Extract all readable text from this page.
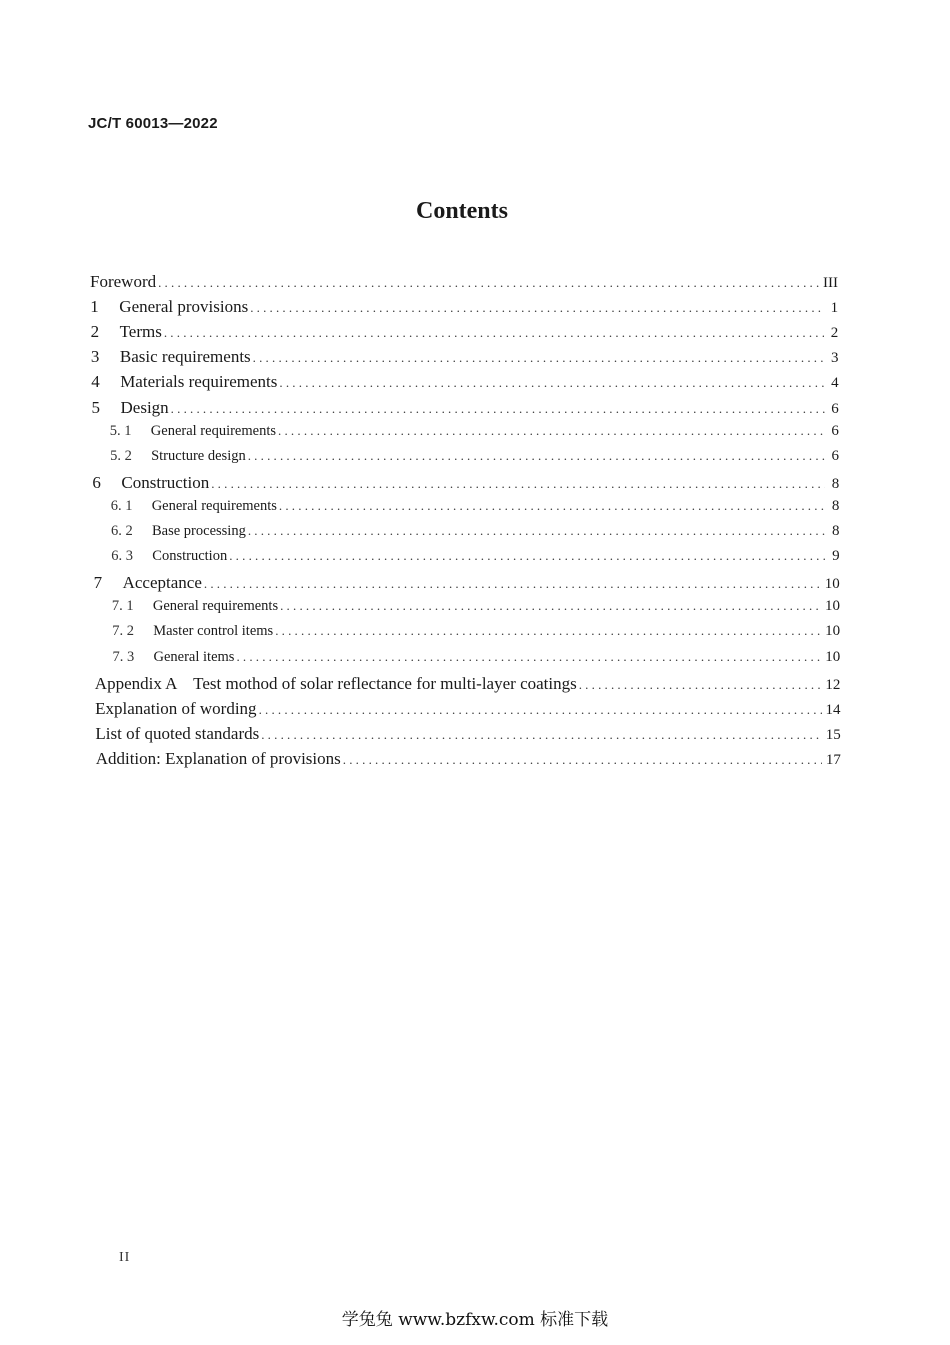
JC/T 60013—2022
Contents
Foreword .....	III
1	General provisions .....	1
2	Terms .....	2
3	Basic requirements .....	3
4	Materials requirements .....	4
5	Design .....	6
5. 1	General requirements .....	6
5. 2	Structure design .....	6
6	Construction .....	8
6. 1	General requirements .....	8
6. 2	Base processing .....	8
6. 3	Construction .....	9
7	Acceptance .....	10
7. 1	General requirements .....	10
7. 2	Master control items .....	10
7. 3	General items .....	10
Appendix A    Test mothod of solar reflectance for multi-layer coatings .....	12
Explanation of wording .....	14
List of quoted standards .....	15
Addition: Explanation of provisions .....	17
II
学兔兔 www.bzfxw.com 标准下载
